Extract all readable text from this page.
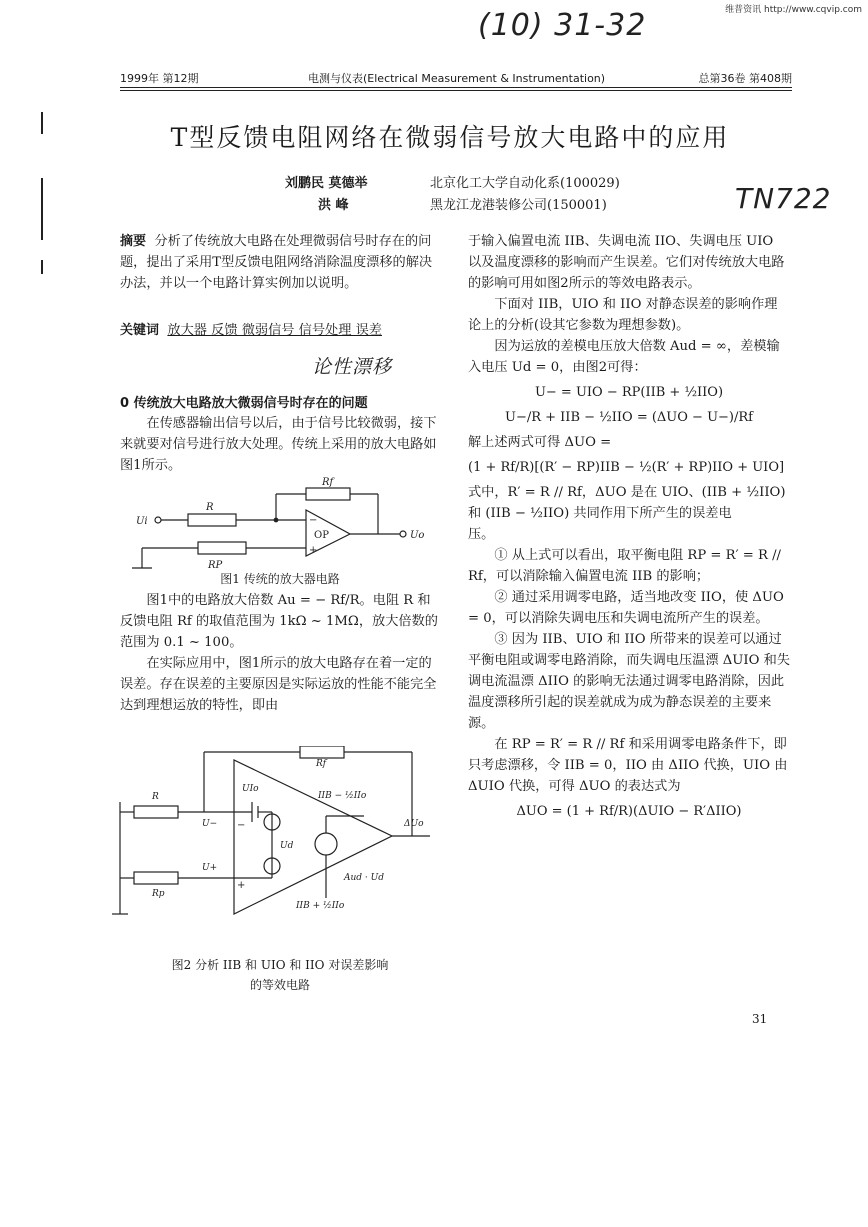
维普资讯 http://www.cqvip.com
(10) 31-32
TN722
论性漂移
1999年 第12期	电测与仪表(Electrical Measurement & Instrumentation)	总第36卷 第408期
T型反馈电阻网络在微弱信号放大电路中的应用
刘鹏民 莫德举	北京化工大学自动化系(100029)
洪 峰	黑龙江龙港装修公司(150001)

摘要 分析了传统放大电路在处理微弱信号时存在的问题，提出了采用T型反馈电阻网络消除温度漂移的解决办法，并以一个电路计算实例加以说明。

关键词 放大器 反馈 微弱信号 信号处理 误差

0 传统放大电路放大微弱信号时存在的问题

在传感器输出信号以后，由于信号比较微弱，接下来就要对信号进行放大处理。传统上采用的放大电路如图1所示。

Rf
R
RP
Ui
Uo
OP
−
+
图1 传统的放大器电路

图1中的电路放大倍数 Au = − Rf/R。电阻 R 和反馈电阻 Rf 的取值范围为 1kΩ ~ 1MΩ，放大倍数的范围为 0.1 ~ 100。

在实际应用中，图1所示的放大电路存在着一定的误差。存在误差的主要原因是实际运放的性能不能完全达到理想运放的特性，即由

Rf
R
Rp
U−
U+
UIo
Ud
ΔUo
IIB − ½IIo
IIB + ½IIo
Aud · Ud
−
+
图2 分析 IIB 和 UIO 和 IIO 对误差影响
的等效电路

于输入偏置电流 IIB、失调电流 IIO、失调电压 UIO 以及温度漂移的影响而产生误差。它们对传统放大电路的影响可用如图2所示的等效电路表示。

下面对 IIB，UIO 和 IIO 对静态误差的影响作理论上的分析(设其它参数为理想参数)。

因为运放的差模电压放大倍数 Aud = ∞，差模输入电压 Ud = 0，由图2可得：

U− = UIO − RP(IIB + ½IIO)

U−/R + IIB − ½IIO = (ΔUO − U−)/Rf

解上述两式可得 ΔUO =

(1 + Rf/R)[(R′ − RP)IIB − ½(R′ + RP)IIO + UIO]

式中，R′ = R // Rf，ΔUO 是在 UIO、(IIB + ½IIO)

和 (IIB − ½IIO) 共同作用下所产生的误差电

压。

① 从上式可以看出，取平衡电阻 RP = R′ = R // Rf，可以消除输入偏置电流 IIB 的影响；

② 通过采用调零电路，适当地改变 IIO，使 ΔUO = 0，可以消除失调电压和失调电流所产生的误差。

③ 因为 IIB、UIO 和 IIO 所带来的误差可以通过平衡电阻或调零电路消除，而失调电压温漂 ΔUIO 和失调电流温漂 ΔIIO 的影响无法通过调零电路消除，因此温度漂移所引起的误差就成为成为静态误差的主要来源。

在 RP = R′ = R // Rf 和采用调零电路条件下，即只考虑漂移，令 IIB = 0，IIO 由 ΔIIO 代换，UIO 由 ΔUIO 代换，可得 ΔUO 的表达式为

ΔUO = (1 + Rf/R)(ΔUIO − R′ΔIIO)

31
